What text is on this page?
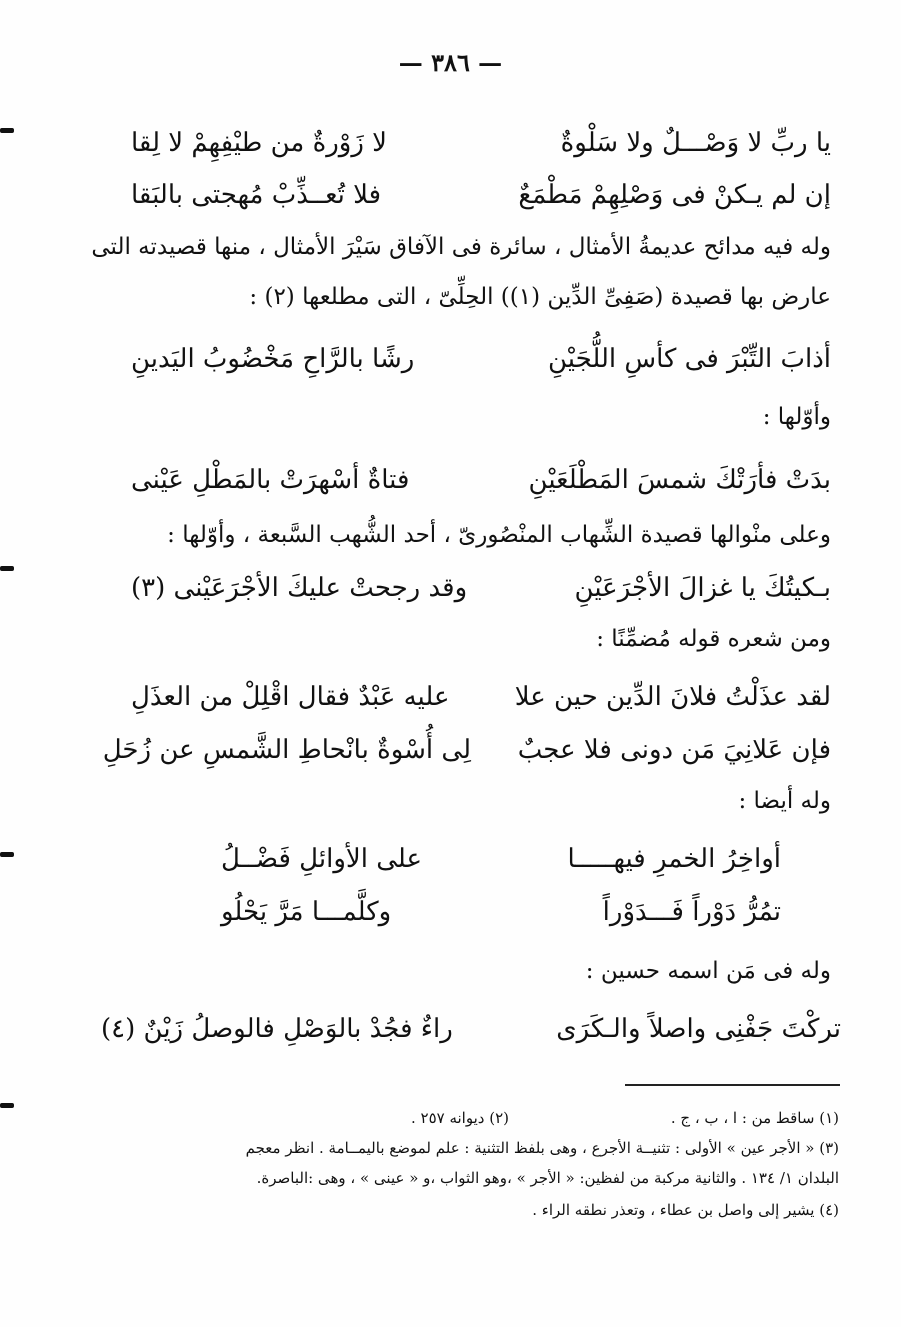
— ٣٨٦ —
يا ربِّ لا وَصْـــلٌ ولا سَلْوةٌ
لا زَوْرةٌ من طيْفِهِمْ لا لِقا
إن لم يـكنْ فى وَصْلِهِمْ مَطْمَعٌ
فلا تُعــذِّبْ مُهجتى بالبَقا
وله فيه مدائح عديمةُ الأمثال ، سائرة فى الآفاق سَيْرَ الأمثال ، منها قصيدته التى
عارض بها قصيدة (صَفِىِّ الدِّين (١)) الحِلِّىّ ، التى مطلعها (٢) :
أذابَ التِّبْرَ فى كأسِ اللُّجَيْنِ
رشًا بالرَّاحِ مَخْضُوبُ اليَدينِ
وأوّلها :
بدَتْ فأرَتْكَ شمسَ المَطْلَعَيْنِ
فتاةٌ أسْهرَتْ بالمَطْلِ عَيْنى
وعلى منْوالها قصيدة الشِّهاب المنْصُورىّ ، أحد الشُّهب السَّبعة ، وأوّلها :
بـكيتُكَ يا غزالَ الأجْرَعَيْنِ
وقد رجحتْ عليكَ الأجْرَعَيْنى (٣)
ومن شعره قوله مُضمِّنًا :
لقد عذَلْتُ فلانَ الدِّين حين علا
عليه عَبْدٌ فقال اقْلِلْ من العذَلِ
فإن عَلانِيَ مَن دونى فلا عجبٌ
لِى أُسْوةٌ بانْحاطِ الشَّمسِ عن زُحَلِ
وله أيضا :
أواخِرُ الخمرِ فيهـــــا
على الأوائلِ فَضْــلُ
تمُرُّ دَوْراً فَـــدَوْراً
وكلَّمـــا مَرَّ يَحْلُو
وله فى مَن اسمه حسين :
تركْتَ جَفْنِى واصلاً والـكَرَى
راءٌ فجُدْ بالوَصْلِ فالوصلُ زَيْنٌ (٤)
(١) ساقط من : ا ، ب ، ج .
(٢) ديوانه ٢٥٧ .
(٣) « الأجر عين » الأولى : تثنيــة الأجرع ، وهى بلفظ التثنية : علم لموضع باليمــامة . انظر معجم
البلدان ١/ ١٣٤ . والثانية مركبة من لفظين: « الأجر » ،وهو الثواب ،و « عينى » ، وهى :الباصرة.
(٤) يشير إلى واصل بن عطاء ، وتعذر نطقه الراء .
